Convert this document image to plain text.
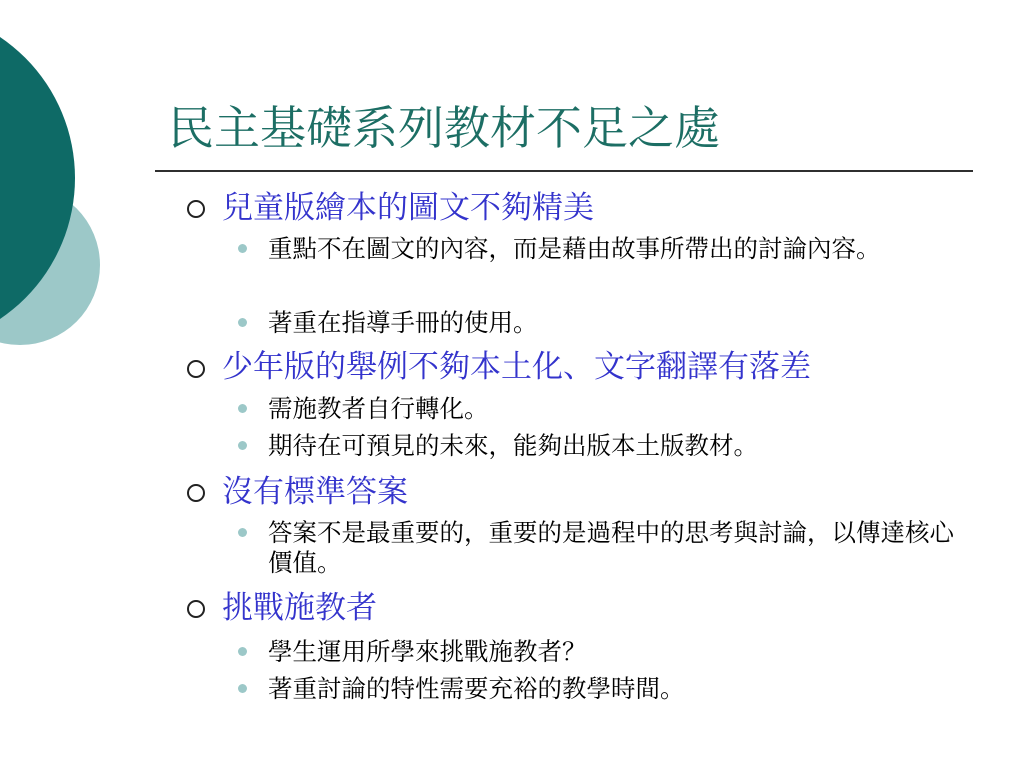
民主基礎系列教材不足之處
兒童版繪本的圖文不夠精美

重點不在圖文的內容，而是藉由故事所帶出的討論內容。

著重在指導手冊的使用。

少年版的舉例不夠本土化、文字翻譯有落差

需施教者自行轉化。

期待在可預見的未來，能夠出版本土版教材。

沒有標準答案

答案不是最重要的，重要的是過程中的思考與討論，以傳達核心價值。

挑戰施教者

學生運用所學來挑戰施教者？

著重討論的特性需要充裕的教學時間。
